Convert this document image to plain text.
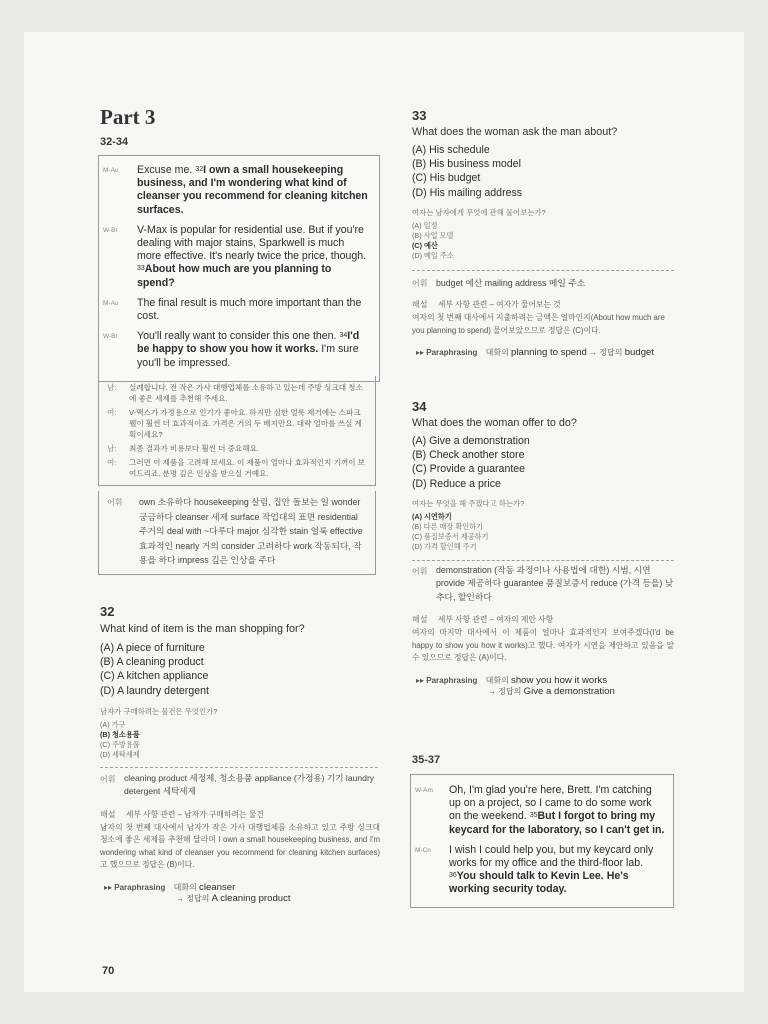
Part 3
32-34
M-Au	Excuse me. $^{32}$I own a small housekeeping business, and I'm wondering what kind of cleanser you recommend for cleaning kitchen surfaces.
W-Br	V-Max is popular for residential use. But if you're dealing with major stains, Sparkwell is much more effective. It's nearly twice the price, though. $^{33}$About how much are you planning to spend?
M-Au	The final result is much more important than the cost.
W-Br	You'll really want to consider this one then. $^{34}$I'd be happy to show you how it works. I'm sure you'll be impressed.
남:	실례합니다. 전 작은 가사 대행업체를 소유하고 있는데 주방 싱크대 청소에 좋은 세제를 추천해 주세요.
여:	V-맥스가 가정용으로 인기가 좋아요. 하지만 심한 얼룩 제거에는 스파크웰이 훨씬 더 효과적이죠. 가격은 거의 두 배지만요. 대략 얼마를 쓰실 계획이세요?
남:	최종 결과가 비용보다 훨씬 더 중요해요.
여:	그러면 이 제품을 고려해 보세요. 이 제품이 얼마나 효과적인지 기꺼이 보여드리죠. 분명 깊은 인상을 받으실 거예요.
어휘	own 소유하다 housekeeping 살림, 집안 돌보는 일 wonder 궁금하다 cleanser 세제 surface 작업대의 표면 residential 주거의 deal with ~다루다 major 심각한 stain 얼룩 effective 효과적인 nearly 거의 consider 고려하다 work 작동되다, 작용을 하다 impress 깊은 인상을 주다
32
What kind of item is the man shopping for?
(A) A piece of furniture
(B) A cleaning product
(C) A kitchen appliance
(D) A laundry detergent
남자가 구매하려는 물건은 무엇인가?
(A) 가구
(B) 청소용품
(C) 주방용품
(D) 세탁세제
어휘 cleaning product 세정제, 청소용품 appliance (가정용) 기기 laundry detergent 세탁세제
해설 세부 사항 관련 – 남자가 구매하려는 물건
남자의 첫 번째 대사에서 남자가 작은 가사 대행업체를 소유하고 있고 주방 싱크대 청소에 좋은 세제를 추천해 달라며 I own a small housekeeping business, and I'm wondering what kind of cleanser you recommend for cleaning kitchen surfaces)고 했으므로 정답은 (B)이다.
▸▸ Paraphrasing 대화의 cleanser
→ 정답의 A cleaning product
33
What does the woman ask the man about?
(A) His schedule
(B) His business model
(C) His budget
(D) His mailing address
여자는 남자에게 무엇에 관해 물어보는가?
(A) 일정
(B) 사업 모델
(C) 예산
(D) 메일 주소
어휘 budget 예산 mailing address 메일 주소
해설 세부 사항 관련 – 여자가 물어보는 것
여자의 첫 번째 대사에서 지출하려는 금액은 얼마인지(About how much are you planning to spend) 물어보았으므로 정답은 (C)이다.
▸▸ Paraphrasing 대화의 planning to spend → 정답의 budget
34
What does the woman offer to do?
(A) Give a demonstration
(B) Check another store
(C) Provide a guarantee
(D) Reduce a price
여자는 무엇을 해 주겠다고 하는가?
(A) 시연하기
(B) 다른 매장 확인하기
(C) 품질보증서 제공하기
(D) 가격 할인해 주기
어휘 demonstration (작동 과정이나 사용법에 대한) 시범, 시연 provide 제공하다 guarantee 품질보증서 reduce (가격 등을) 낮추다, 할인하다
해설 세부 사항 관련 – 여자의 제안 사항
여자의 마지막 대사에서 이 제품이 얼마나 효과적인지 보여주겠다(I'd be happy to show you how it works)고 했다. 여자가 시연을 제안하고 있음을 알 수 있으므로 정답은 (A)이다.
▸▸ Paraphrasing 대화의 show you how it works
→ 정답의 Give a demonstration
35-37
W-Am	Oh, I'm glad you're here, Brett. I'm catching up on a project, so I came to do some work on the weekend. $^{35}$But I forgot to bring my keycard for the laboratory, so I can't get in.
M-Cn	I wish I could help you, but my keycard only works for my office and the third-floor lab. $^{36}$You should talk to Kevin Lee. He's working security today.
70
